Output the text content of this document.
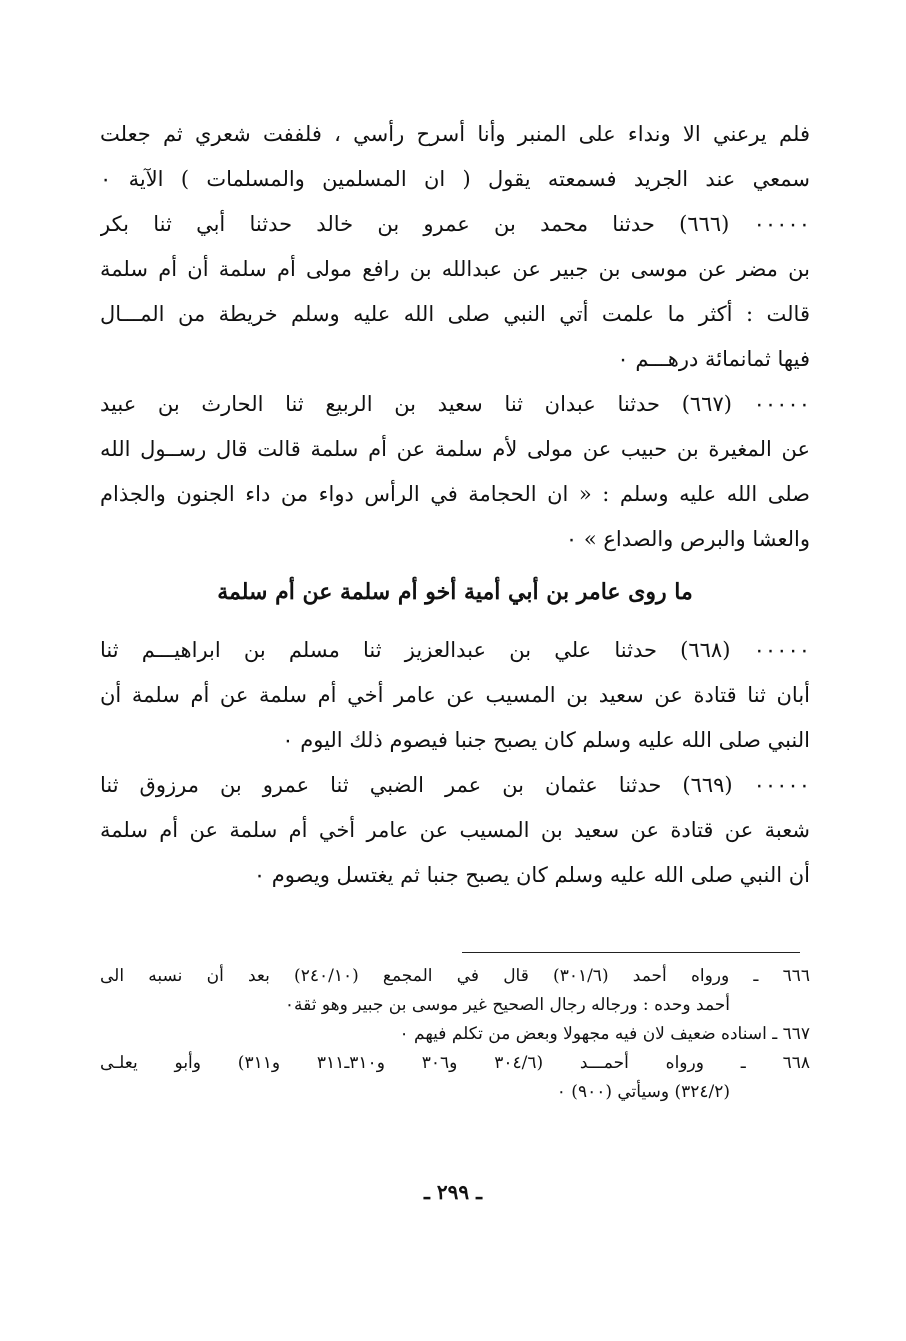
فلم يرعني الا ونداء على المنبر وأنا أسرح رأسي ، فلففت شعري ثم جعلت
سمعي عند الجريد فسمعته يقول ( ان المسلمين والمسلمات ) الآية ٠
٠٠٠٠٠ (٦٦٦) حدثنا محمد بن عمرو بن خالد حدثنا أبي ثنا بكر
بن مضر عن موسى بن جبير عن عبدالله بن رافع مولى أم سلمة أن أم سلمة
قالت : أكثر ما علمت أتي النبي صلى الله عليه وسلم خريطة من المـــال
فيها ثمانمائة درهـــم ٠
٠٠٠٠٠ (٦٦٧) حدثنا عبدان ثنا سعيد بن الربيع ثنا الحارث بن عبيد
عن المغيرة بن حبيب عن مولى لأم سلمة عن أم سلمة قالت قال رســول الله
صلى الله عليه وسلم : « ان الحجامة في الرأس دواء من داء الجنون والجذام
والعشا والبرص والصداع » ٠
ما روى عامر بن أبي أمية أخو أم سلمة عن أم سلمة
٠٠٠٠٠ (٦٦٨) حدثنا علي بن عبدالعزيز ثنا مسلم بن ابراهيـــم ثنا
أبان ثنا قتادة عن سعيد بن المسيب عن عامر أخي أم سلمة عن أم سلمة أن
النبي صلى الله عليه وسلم كان يصبح جنبا فيصوم ذلك اليوم ٠
٠٠٠٠٠ (٦٦٩) حدثنا عثمان بن عمر الضبي ثنا عمرو بن مرزوق ثنا
شعبة عن قتادة عن سعيد بن المسيب عن عامر أخي أم سلمة عن أم سلمة
أن النبي صلى الله عليه وسلم كان يصبح جنبا ثم يغتسل ويصوم ٠
٦٦٦ ـ ورواه أحمد (٣٠١/٦) قال في المجمع (٢٤٠/١٠) بعد أن نسبه الى
أحمد وحده : ورجاله رجال الصحيح غير موسى بن جبير وهو ثقة٠
٦٦٧ ـ اسناده ضعيف لان فيه مجهولا وبعض من تكلم فيهم ٠
٦٦٨ ـ ورواه أحمـــد (٣٠٤/٦ و٣٠٦ و٣١٠ـ٣١١ و٣١١) وأبو يعلـى
(٣٢٤/٢) وسيأتي (٩٠٠) ٠
ـ ٢٩٩ ـ
